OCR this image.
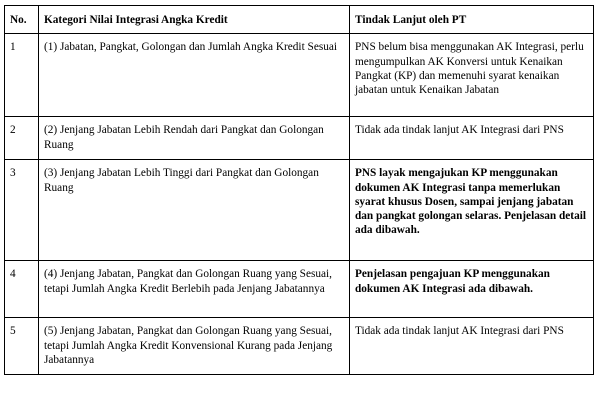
No.	Kategori Nilai Integrasi Angka Kredit	Tindak Lanjut oleh PT
1	(1) Jabatan, Pangkat, Golongan dan Jumlah Angka Kredit Sesuai	PNS belum bisa menggunakan AK Integrasi, perlu mengumpulkan AK Konversi untuk Kenaikan Pangkat (KP) dan memenuhi syarat kenaikan jabatan untuk Kenaikan Jabatan
2	(2) Jenjang Jabatan Lebih Rendah dari Pangkat dan Golongan Ruang	Tidak ada tindak lanjut AK Integrasi dari PNS
3	(3) Jenjang Jabatan Lebih Tinggi dari Pangkat dan Golongan Ruang	PNS layak mengajukan KP menggunakan dokumen AK Integrasi tanpa memerlukan syarat khusus Dosen, sampai jenjang jabatan dan pangkat golongan selaras. Penjelasan detail ada dibawah.
4	(4) Jenjang Jabatan, Pangkat dan Golongan Ruang yang Sesuai, tetapi Jumlah Angka Kredit Berlebih pada Jenjang Jabatannya	Penjelasan pengajuan KP menggunakan dokumen AK Integrasi ada dibawah.
5	(5) Jenjang Jabatan, Pangkat dan Golongan Ruang yang Sesuai, tetapi Jumlah Angka Kredit Konvensional Kurang pada Jenjang Jabatannya	Tidak ada tindak lanjut AK Integrasi dari PNS
